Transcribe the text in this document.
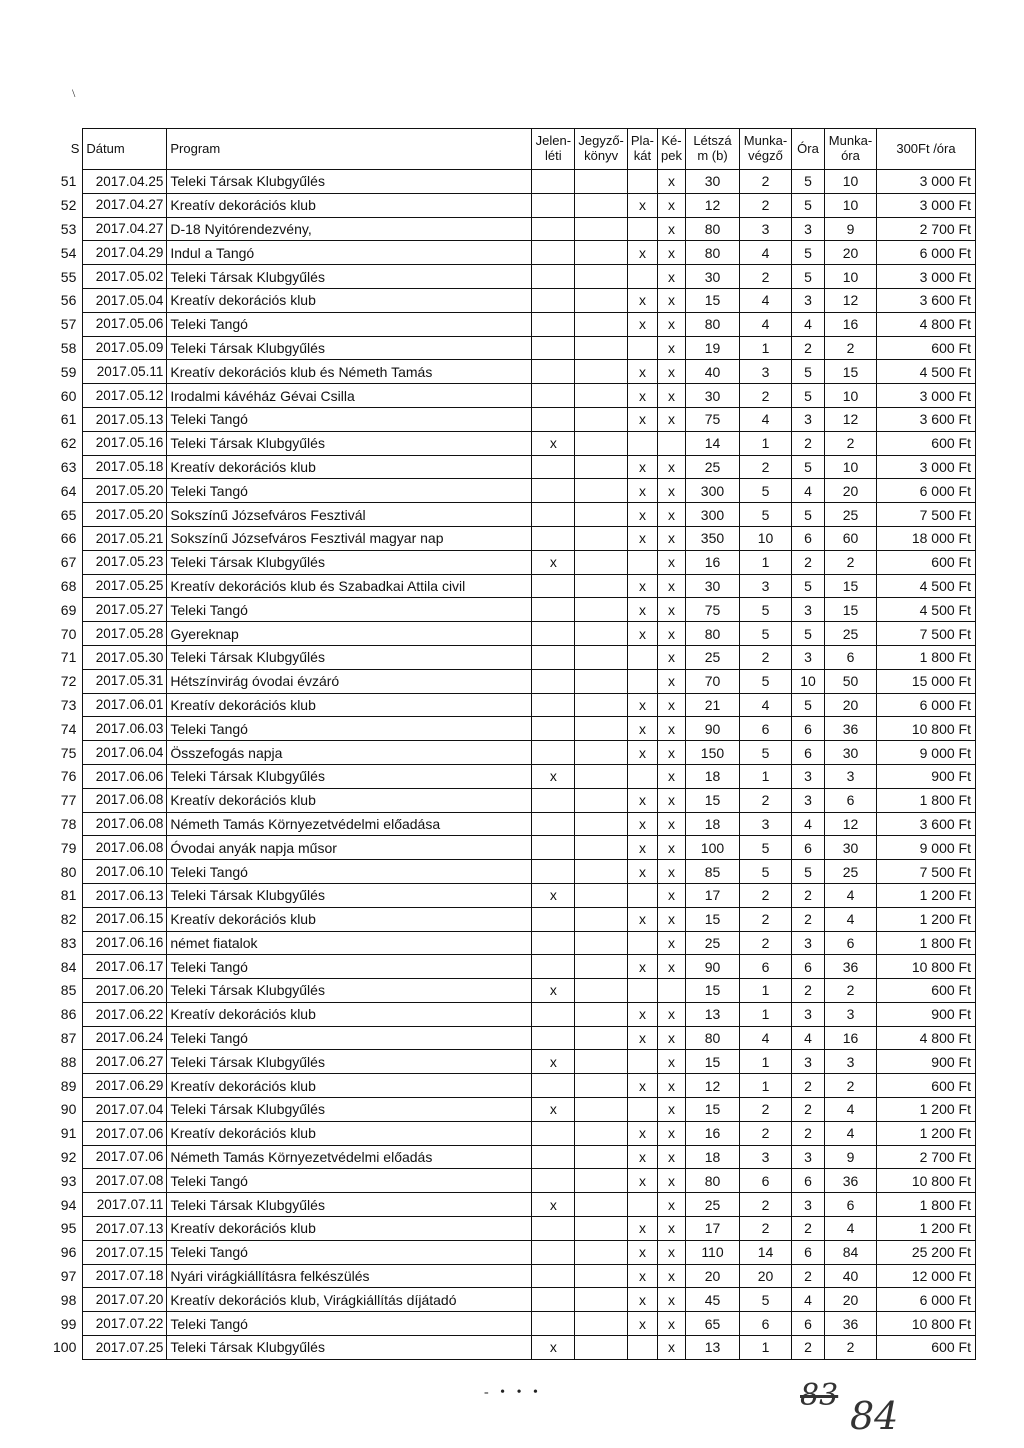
S	Dátum	Program	Jelen-léti	Jegyző-könyv	Pla-kát	Ké-pek	Létszá m (b)	Munka-végző	Óra	Munka-óra	300Ft /óra
51	2017.04.25	Teleki Társak Klubgyűlés				x	30	2	5	10	3 000 Ft
52	2017.04.27	Kreatív dekorációs klub			x	x	12	2	5	10	3 000 Ft
53	2017.04.27	D-18 Nyitórendezvény,				x	80	3	3	9	2 700 Ft
54	2017.04.29	Indul a Tangó			x	x	80	4	5	20	6 000 Ft
55	2017.05.02	Teleki Társak Klubgyűlés				x	30	2	5	10	3 000 Ft
56	2017.05.04	Kreatív dekorációs klub			x	x	15	4	3	12	3 600 Ft
57	2017.05.06	Teleki Tangó			x	x	80	4	4	16	4 800 Ft
58	2017.05.09	Teleki Társak Klubgyűlés				x	19	1	2	2	600 Ft
59	2017.05.11	Kreatív dekorációs klub és Németh Tamás			x	x	40	3	5	15	4 500 Ft
60	2017.05.12	Irodalmi kávéház Gévai Csilla			x	x	30	2	5	10	3 000 Ft
61	2017.05.13	Teleki Tangó			x	x	75	4	3	12	3 600 Ft
62	2017.05.16	Teleki Társak Klubgyűlés	x				14	1	2	2	600 Ft
63	2017.05.18	Kreatív dekorációs klub			x	x	25	2	5	10	3 000 Ft
64	2017.05.20	Teleki Tangó			x	x	300	5	4	20	6 000 Ft
65	2017.05.20	Sokszínű Józsefváros Fesztivál			x	x	300	5	5	25	7 500 Ft
66	2017.05.21	Sokszínű Józsefváros Fesztivál magyar nap			x	x	350	10	6	60	18 000 Ft
67	2017.05.23	Teleki Társak Klubgyűlés	x			x	16	1	2	2	600 Ft
68	2017.05.25	Kreatív dekorációs klub és Szabadkai Attila civil			x	x	30	3	5	15	4 500 Ft
69	2017.05.27	Teleki Tangó			x	x	75	5	3	15	4 500 Ft
70	2017.05.28	Gyereknap			x	x	80	5	5	25	7 500 Ft
71	2017.05.30	Teleki Társak Klubgyűlés				x	25	2	3	6	1 800 Ft
72	2017.05.31	Hétszínvirág óvodai évzáró				x	70	5	10	50	15 000 Ft
73	2017.06.01	Kreatív dekorációs klub			x	x	21	4	5	20	6 000 Ft
74	2017.06.03	Teleki Tangó			x	x	90	6	6	36	10 800 Ft
75	2017.06.04	Összefogás napja			x	x	150	5	6	30	9 000 Ft
76	2017.06.06	Teleki Társak Klubgyűlés	x			x	18	1	3	3	900 Ft
77	2017.06.08	Kreatív dekorációs klub			x	x	15	2	3	6	1 800 Ft
78	2017.06.08	Németh Tamás Környezetvédelmi előadása			x	x	18	3	4	12	3 600 Ft
79	2017.06.08	Óvodai anyák napja műsor			x	x	100	5	6	30	9 000 Ft
80	2017.06.10	Teleki Tangó			x	x	85	5	5	25	7 500 Ft
81	2017.06.13	Teleki Társak Klubgyűlés	x			x	17	2	2	4	1 200 Ft
82	2017.06.15	Kreatív dekorációs klub			x	x	15	2	2	4	1 200 Ft
83	2017.06.16	német fiatalok				x	25	2	3	6	1 800 Ft
84	2017.06.17	Teleki Tangó			x	x	90	6	6	36	10 800 Ft
85	2017.06.20	Teleki Társak Klubgyűlés	x				15	1	2	2	600 Ft
86	2017.06.22	Kreatív dekorációs klub			x	x	13	1	3	3	900 Ft
87	2017.06.24	Teleki Tangó			x	x	80	4	4	16	4 800 Ft
88	2017.06.27	Teleki Társak Klubgyűlés	x			x	15	1	3	3	900 Ft
89	2017.06.29	Kreatív dekorációs klub			x	x	12	1	2	2	600 Ft
90	2017.07.04	Teleki Társak Klubgyűlés	x			x	15	2	2	4	1 200 Ft
91	2017.07.06	Kreatív dekorációs klub			x	x	16	2	2	4	1 200 Ft
92	2017.07.06	Németh Tamás Környezetvédelmi előadás			x	x	18	3	3	9	2 700 Ft
93	2017.07.08	Teleki Tangó			x	x	80	6	6	36	10 800 Ft
94	2017.07.11	Teleki Társak Klubgyűlés	x			x	25	2	3	6	1 800 Ft
95	2017.07.13	Kreatív dekorációs klub			x	x	17	2	2	4	1 200 Ft
96	2017.07.15	Teleki Tangó			x	x	110	14	6	84	25 200 Ft
97	2017.07.18	Nyári virágkiállításra felkészülés			x	x	20	20	2	40	12 000 Ft
98	2017.07.20	Kreatív dekorációs klub, Virágkiállítás díjátadó			x	x	45	5	4	20	6 000 Ft
99	2017.07.22	Teleki Tangó			x	x	65	6	6	36	10 800 Ft
100	2017.07.25	Teleki Társak Klubgyűlés	x			x	13	1	2	2	600 Ft
\
- • • •	83 84
